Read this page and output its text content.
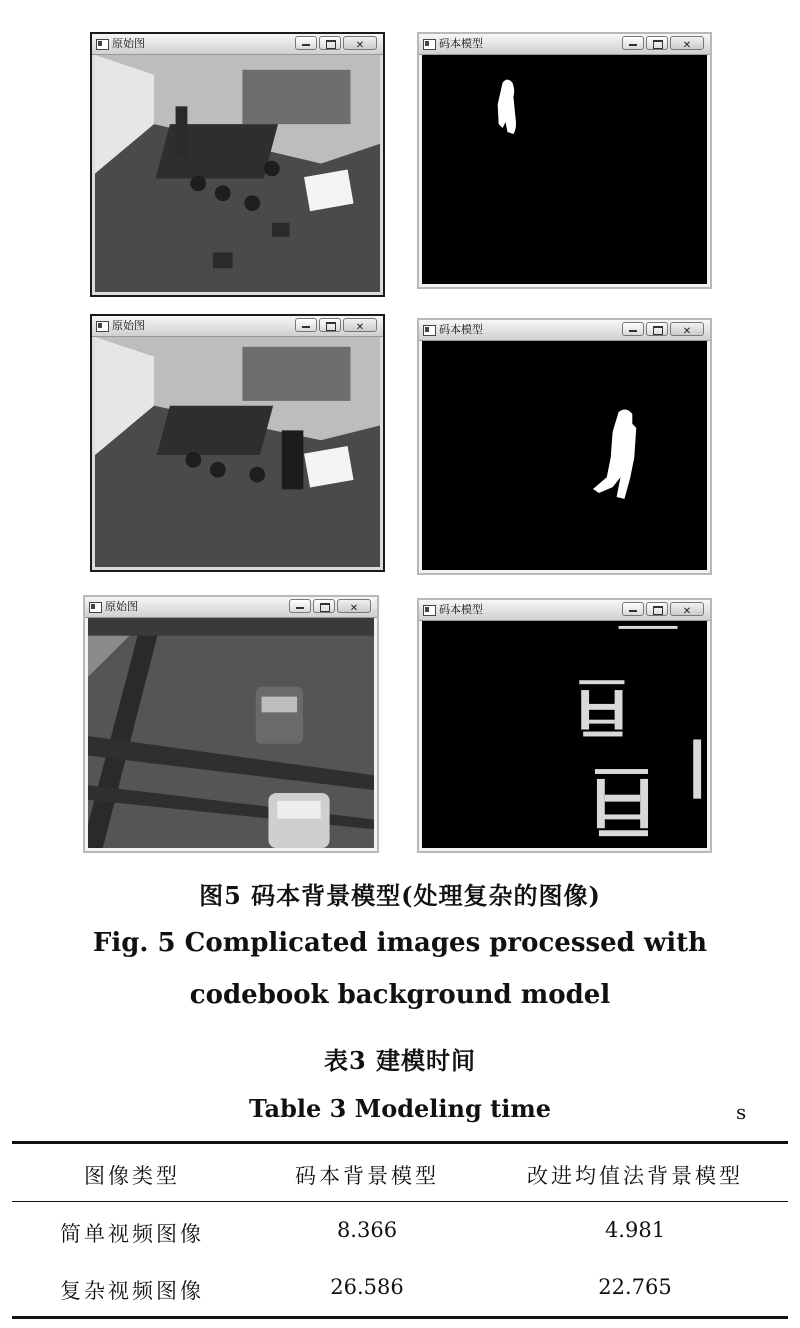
原始图 ✕	码本模型
✕
原始图 ✕	码本模型
✕
原始图 ✕	码本模型
✕
图5 码本背景模型(处理复杂的图像)
Fig. 5 Complicated images processed with
codebook background model
表3 建模时间
Table 3 Modeling time	s
图像类型	码本背景模型	改进均值法背景模型
简单视频图像	8.366	4.981
复杂视频图像	26.586	22.765
